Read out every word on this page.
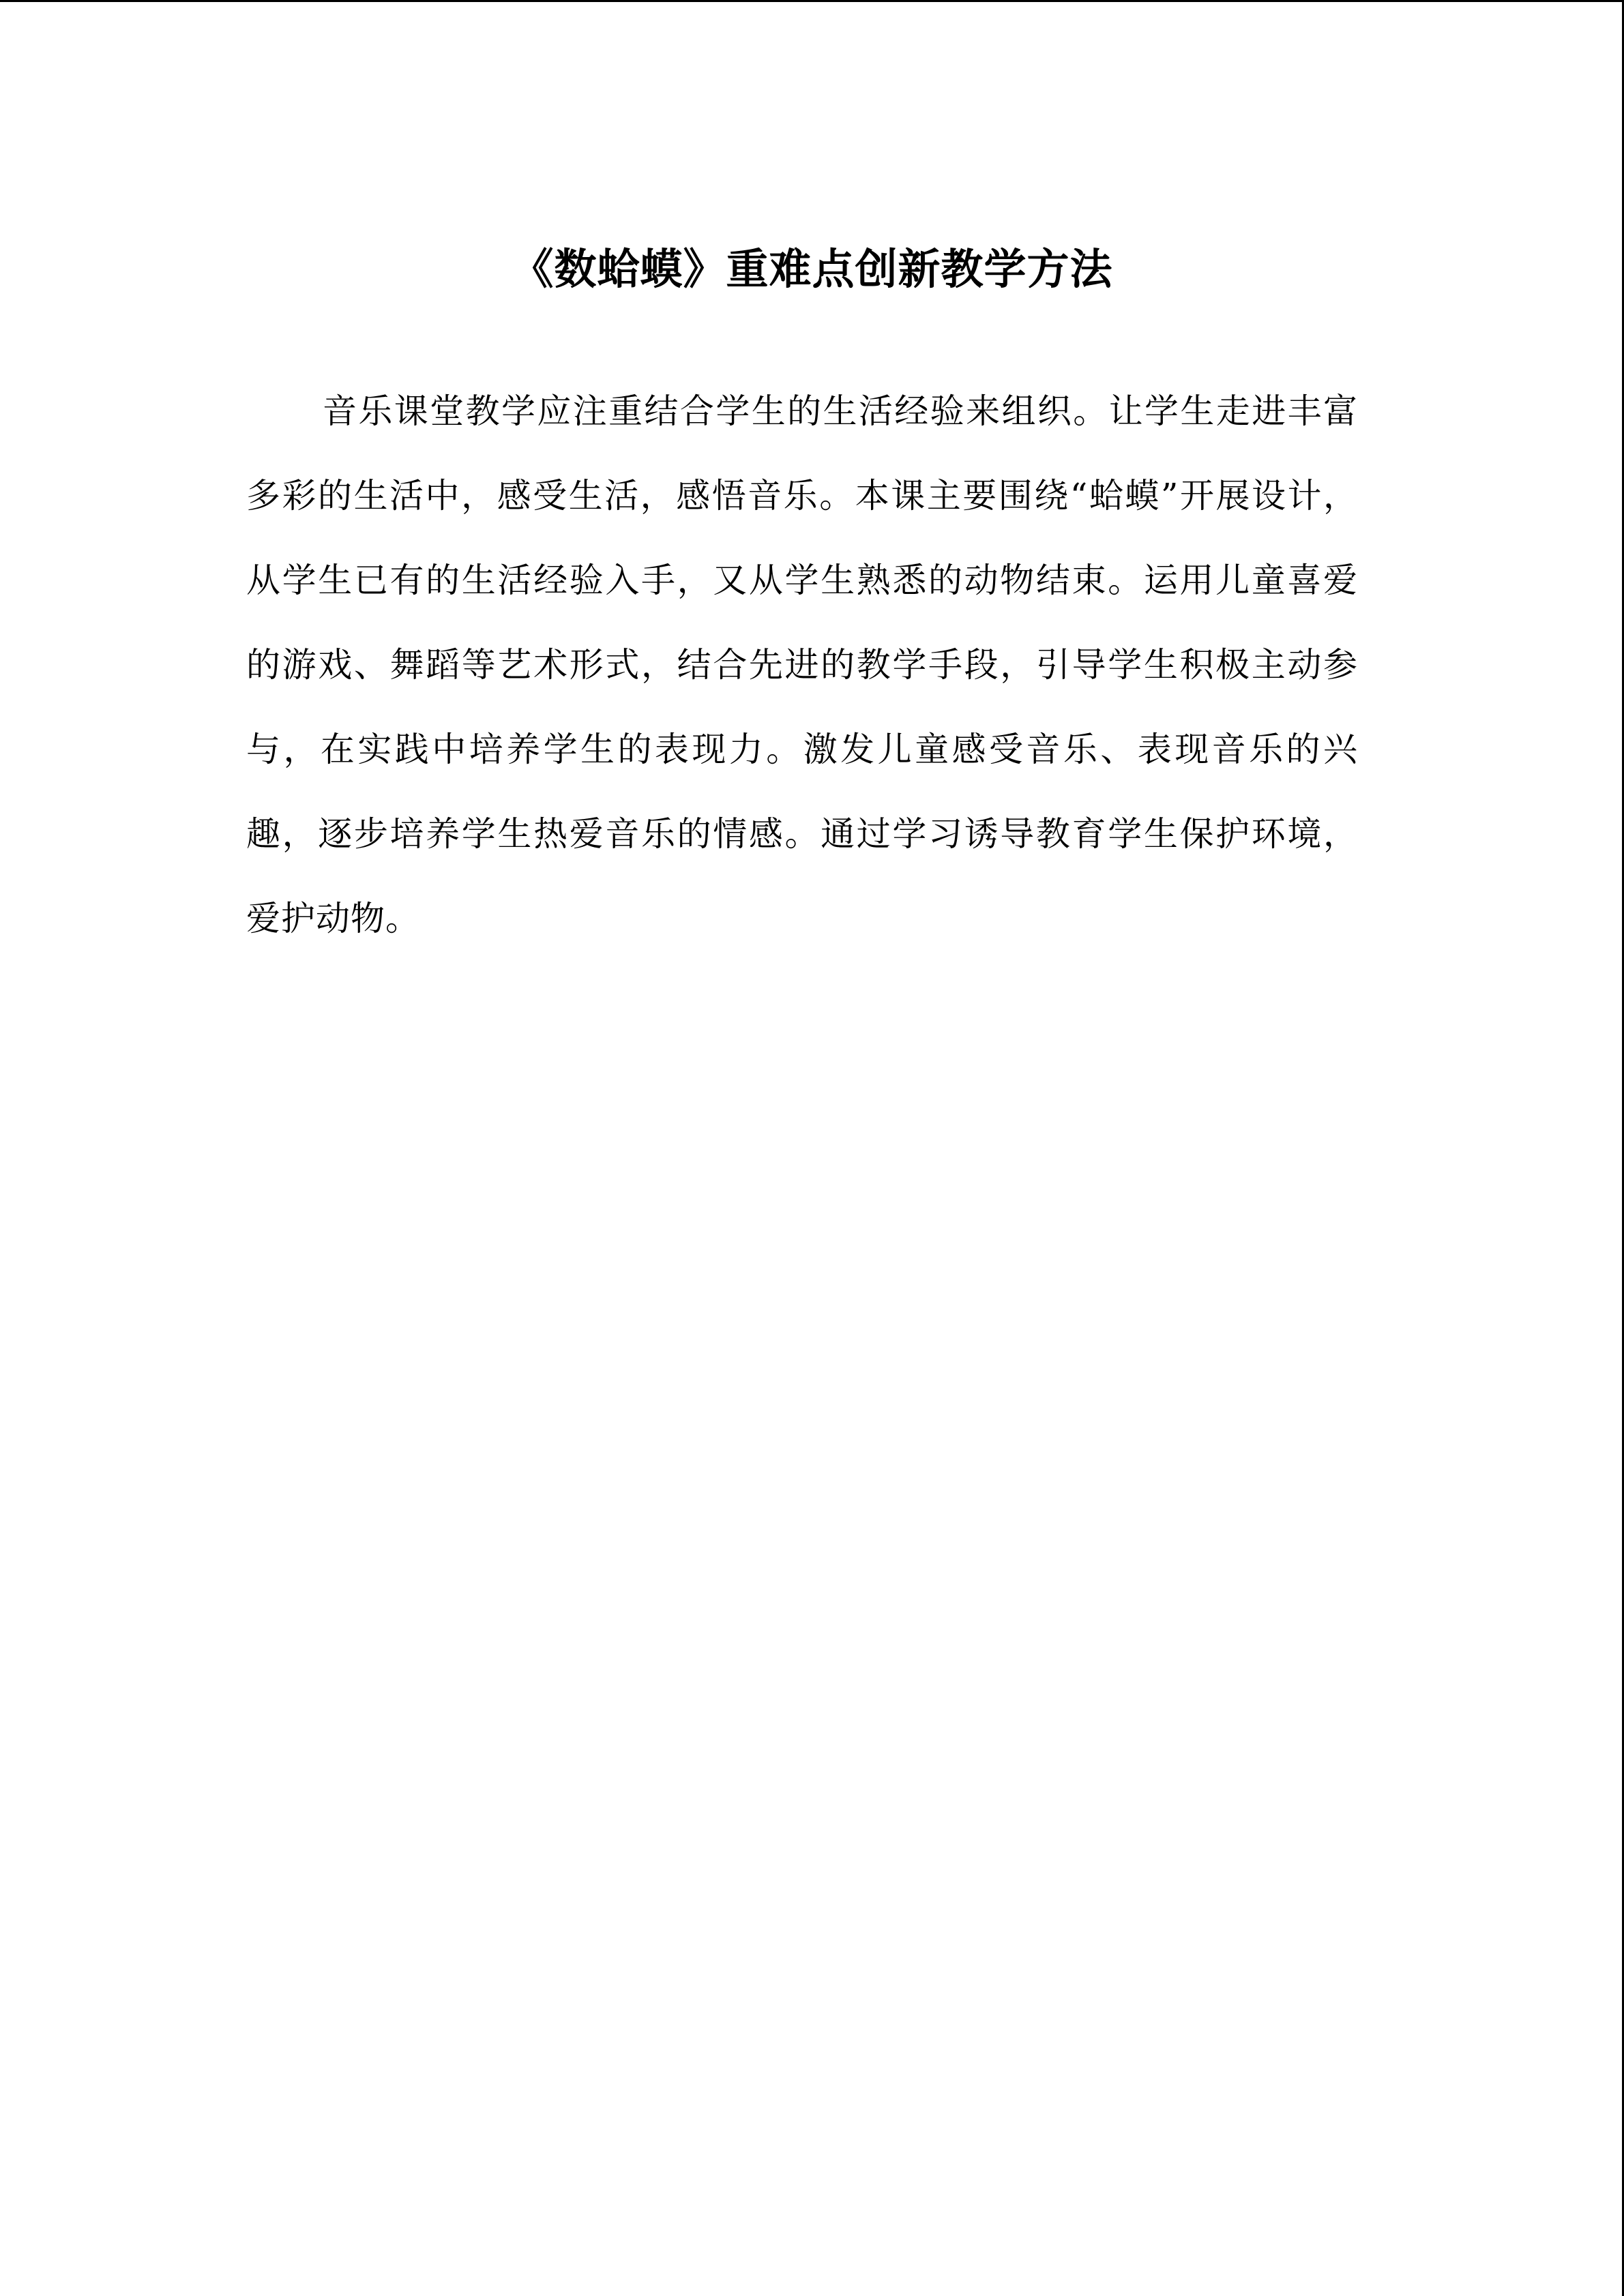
《数蛤蟆》重难点创新教学方法

音乐课堂教学应注重结合学生的生活经验来组织。让学生走进丰富多彩的生活中，感受生活，感悟音乐。本课主要围绕“蛤蟆”开展设计，从学生已有的生活经验入手，又从学生熟悉的动物结束。运用儿童喜爱的游戏、舞蹈等艺术形式，结合先进的教学手段，引导学生积极主动参与，在实践中培养学生的表现力。激发儿童感受音乐、表现音乐的兴趣，逐步培养学生热爱音乐的情感。通过学习诱导教育学生保护环境，爱护动物。
